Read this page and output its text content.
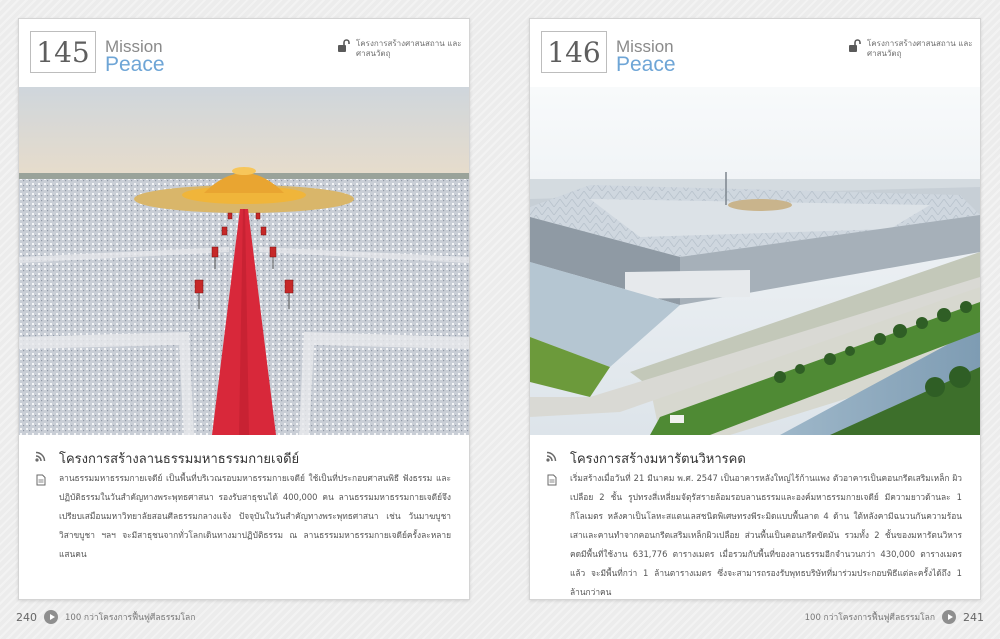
145 Mission
Peace
โครงการสร้างศาสนสถาน และศาสนวัตถุ
โครงการสร้างลานธรรมมหาธรรมกายเจดีย์
ลานธรรมมหาธรรมกายเจดีย์ เป็นพื้นที่บริเวณรอบมหาธรรมกายเจดีย์ ใช้เป็นที่ประกอบศาสนพิธี ฟังธรรม และปฏิบัติธรรมในวันสำคัญทางพระพุทธศาสนา รองรับสาธุชนได้ 400,000 คน ลานธรรมมหาธรรมกายเจดีย์จึงเปรียบเสมือนมหาวิทยาลัยสอนศีลธรรมกลางแจ้ง ปัจจุบันในวันสำคัญทางพระพุทธศาสนา เช่น วันมาฆบูชา วิสาขบูชา ฯลฯ จะมีสาธุชนจากทั่วโลกเดินทางมาปฏิบัติธรรม ณ ลานธรรมมหาธรรมกายเจดีย์ครั้งละหลายแสนคน
146 Mission
Peace
โครงการสร้างศาสนสถาน และศาสนวัตถุ
โครงการสร้างมหารัตนวิหารคด
เริ่มสร้างเมื่อวันที่ 21 มีนาคม พ.ศ. 2547 เป็นอาคารหลังใหญ่ไร้ก้านแพง ตัวอาคารเป็นคอนกรีตเสริมเหล็ก ผิวเปลือย 2 ชั้น รูปทรงสี่เหลี่ยมจัตุรัสรายล้อมรอบลานธรรมและองค์มหาธรรมกายเจดีย์ มีความยาวด้านละ 1 กิโลเมตร หลังคาเป็นโลหะสแตนเลสชนิดพิเศษทรงพีระมิดแบบพื้นลาด 4 ด้าน ใต้หลังคามีฉนวนกันความร้อน เสาและคานทำจากคอนกรีตเสริมเหล็กผิวเปลือย ส่วนพื้นเป็นคอนกรีตขัดมัน รวมทั้ง 2 ชั้นของมหารัตนวิหารคดมีพื้นที่ใช้งาน 631,776 ตารางเมตร เมื่อรวมกับพื้นที่ของลานธรรมอีกจำนวนกว่า 430,000 ตารางเมตรแล้ว จะมีพื้นที่กว่า 1 ล้านตารางเมตร ซึ่งจะสามารถรองรับพุทธบริษัทที่มาร่วมประกอบพิธีแต่ละครั้งได้ถึง 1 ล้านกว่าคน
240	100 กว่าโครงการฟื้นฟูศีลธรรมโลก	100 กว่าโครงการฟื้นฟูศีลธรรมโลก	241
